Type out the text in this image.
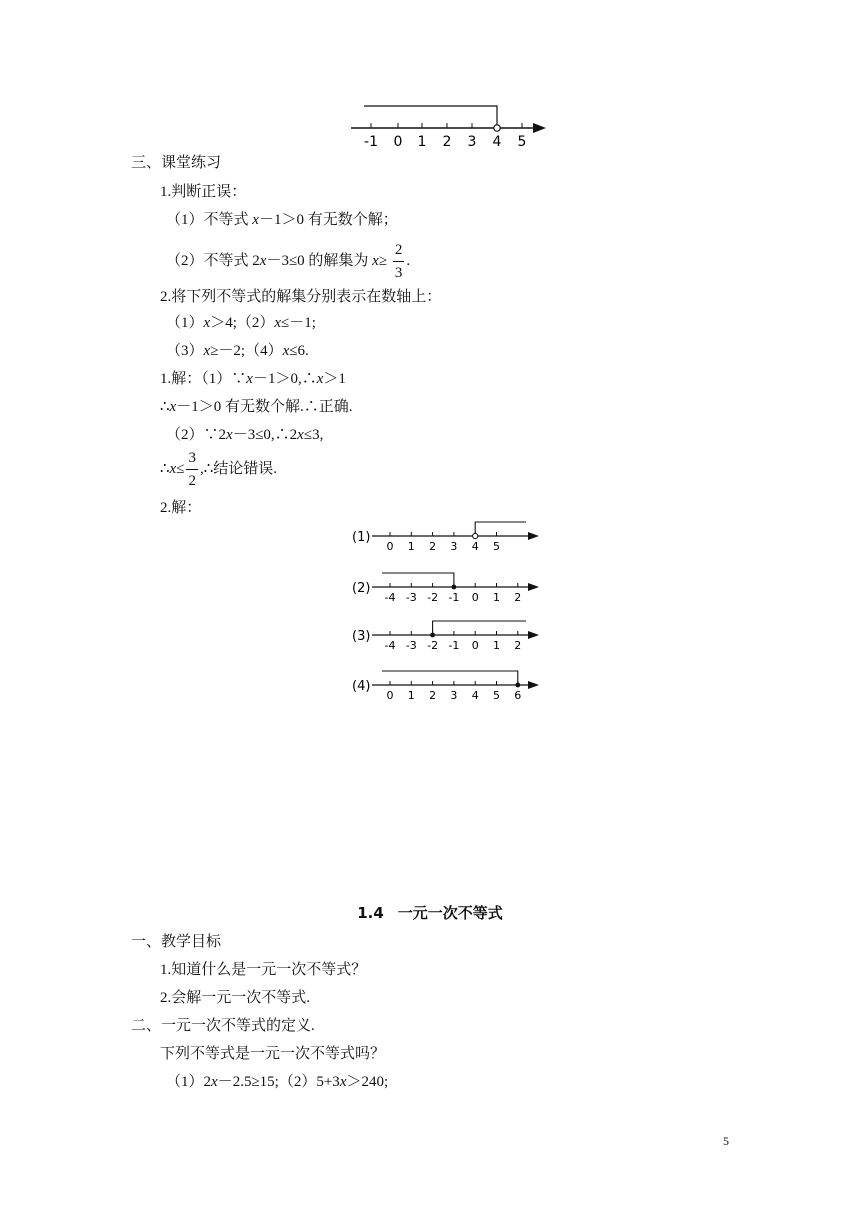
-1 0 1 2 3 4 5
三、课堂练习
1.判断正误：
（1）不等式 x－1＞0 有无数个解；
（2）不等式 2x－3≤0 的解集为 $x\ge \frac{2}{3}$ .
2.将下列不等式的解集分别表示在数轴上：
（1）x＞4;（2）x≤－1;
（3）x≥－2;（4）x≤6.
1.解：（1）∵x－1＞0,∴x＞1
∴x－1＞0 有无数个解.∴正确.
（2）∵2x－3≤0,∴2x≤3,
∴x≤ $\frac{3}{2}$ ,∴结论错误.
2.解：
(1)
0 1 2 3 4 5
(2)
-4 -3 -2 -1 0 1 2
(3)
-4 -3 -2 -1 0 1 2
(4)
0 1 2 3 4 5 6
1.4 一元一次不等式
一、教学目标
1.知道什么是一元一次不等式？
2.会解一元一次不等式.
二、一元一次不等式的定义.
下列不等式是一元一次不等式吗？
（1）2x－2.5≥15;（2）5+3x＞240;
5
